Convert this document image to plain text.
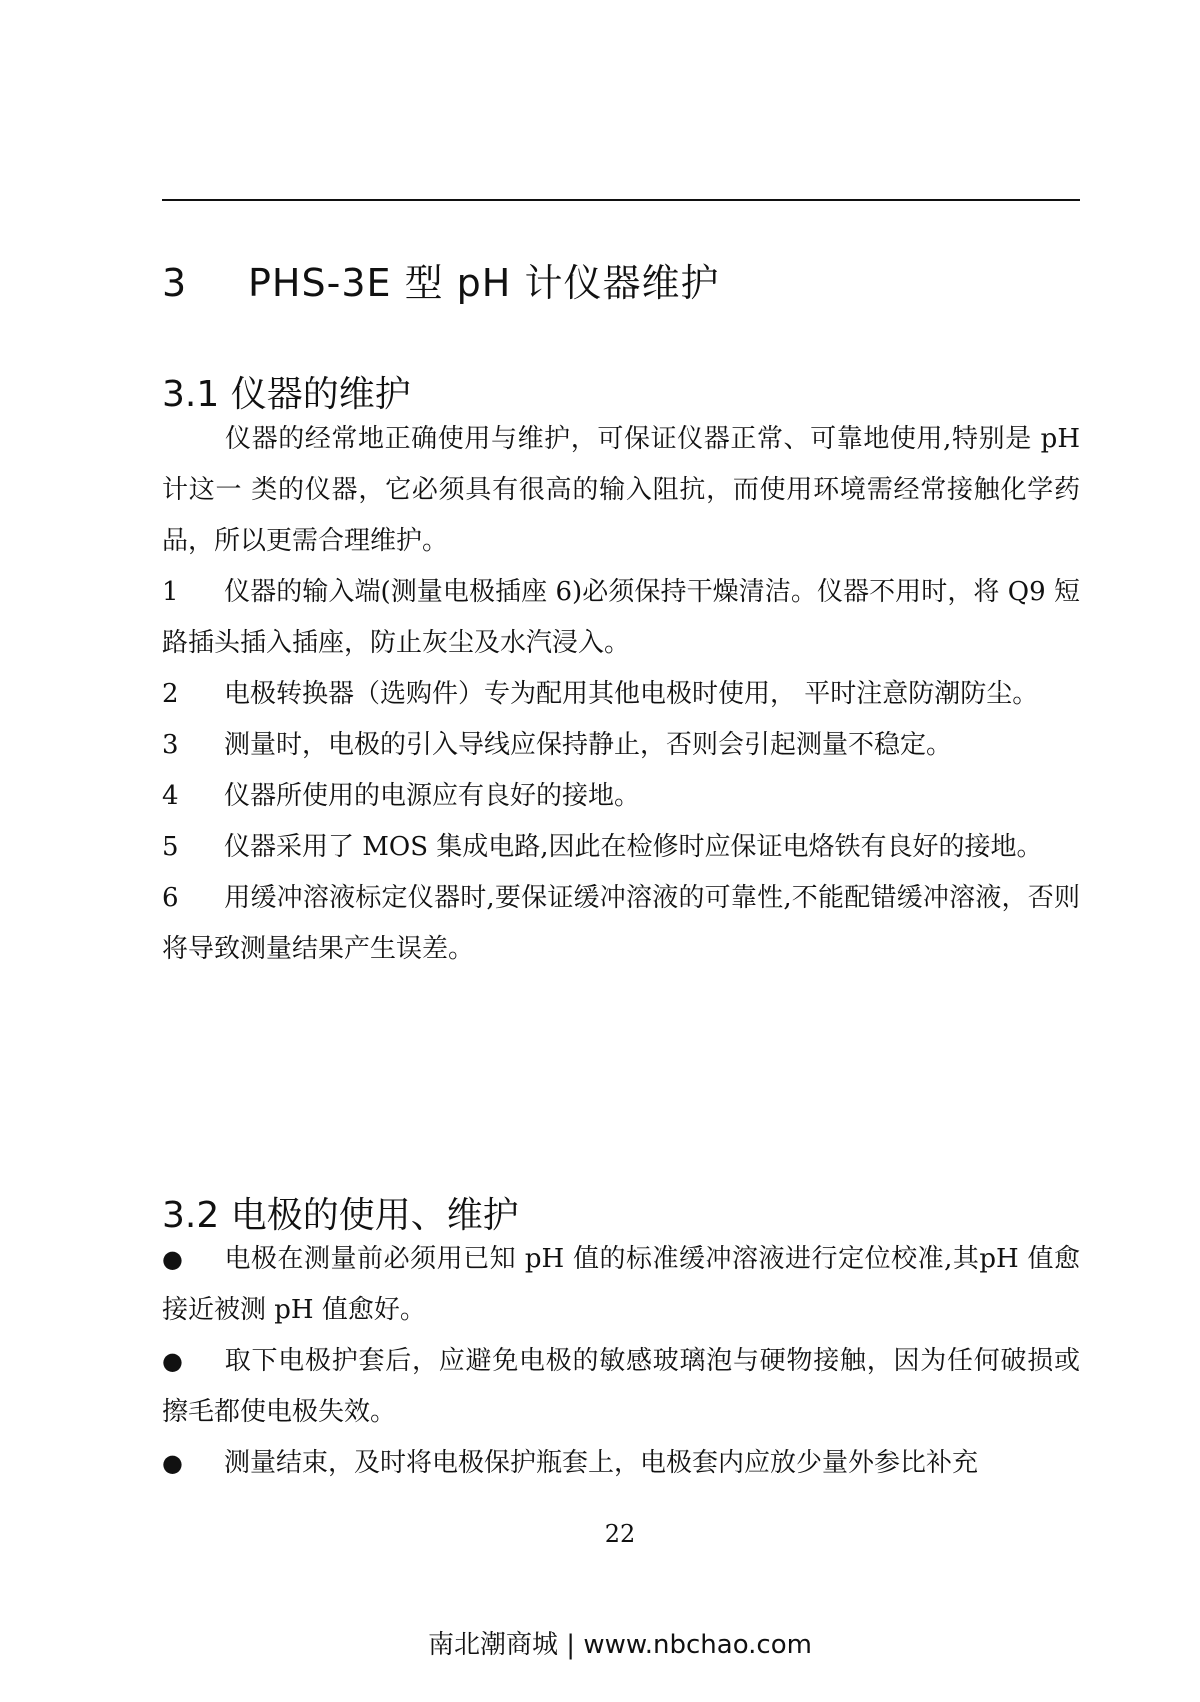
3 PHS-3E 型 pH 计仪器维护
3.1 仪器的维护

仪器的经常地正确使用与维护，可保证仪器正常、可靠地使用,特别是 pH 计这一 类的仪器，它必须具有很高的输入阻抗，而使用环境需经常接触化学药品，所以更需合理维护。

1 仪器的输入端(测量电极插座 6)必须保持干燥清洁。仪器不用时，将 Q9 短路插头插入插座，防止灰尘及水汽浸入。

2 电极转换器（选购件）专为配用其他电极时使用， 平时注意防潮防尘。

3 测量时，电极的引入导线应保持静止，否则会引起测量不稳定。

4 仪器所使用的电源应有良好的接地。

5 仪器采用了 MOS 集成电路,因此在检修时应保证电烙铁有良好的接地。

6 用缓冲溶液标定仪器时,要保证缓冲溶液的可靠性,不能配错缓冲溶液，否则将导致测量结果产生误差。

3.2 电极的使用、维护

● 电极在测量前必须用已知 pH 值的标准缓冲溶液进行定位校准,其pH 值愈接近被测 pH 值愈好。

● 取下电极护套后，应避免电极的敏感玻璃泡与硬物接触，因为任何破损或擦毛都使电极失效。

● 测量结束，及时将电极保护瓶套上，电极套内应放少量外参比补充

22
南北潮商城 | www.nbchao.com
